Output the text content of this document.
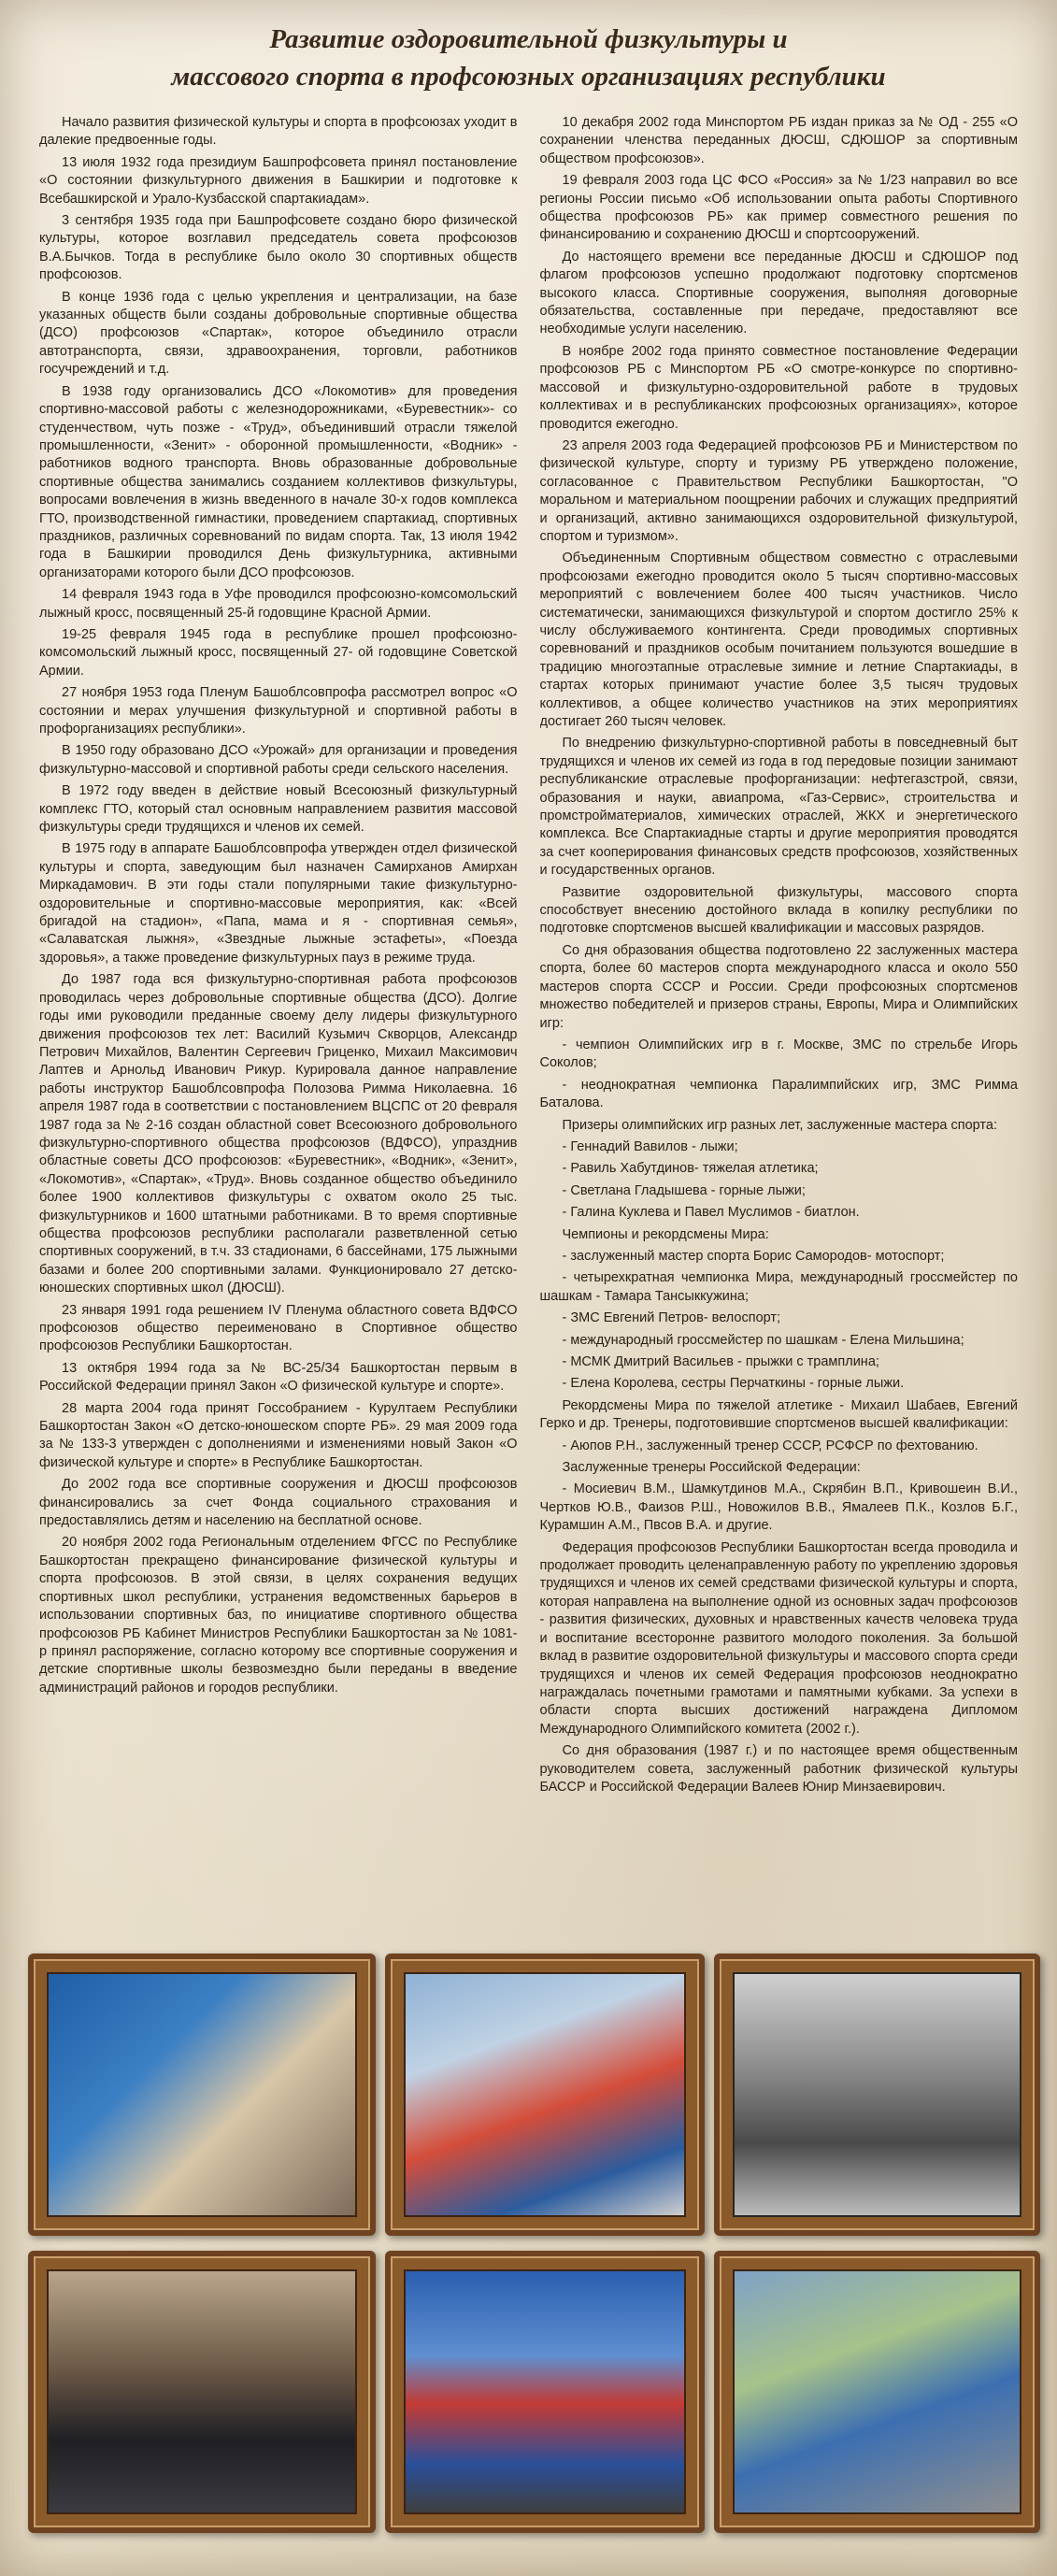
Развитие оздоровительной физкультуры и
массового спорта в профсоюзных организациях республики

Начало развития физической культуры и спорта в профсоюзах уходит в далекие предвоенные годы.

13 июля 1932 года президиум Башпрофсовета принял постановление «О состоянии физкультурного движения в Башкирии и подготовке к Всебашкирской и Урало-Кузбасской спартакиадам».

3 сентября 1935 года при Башпрофсовете создано бюро физической культуры, которое возглавил председатель совета профсоюзов В.А.Бычков. Тогда в республике было около 30 спортивных обществ профсоюзов.

В конце 1936 года с целью укрепления и централизации, на базе указанных обществ были созданы добровольные спортивные общества (ДСО) профсоюзов «Спартак», которое объединило отрасли автотранспорта, связи, здравоохранения, торговли, работников госучреждений и т.д.

В 1938 году организовались ДСО «Локомотив» для проведения спортивно-массовой работы с железнодорожниками, «Буревестник»- со студенчеством, чуть позже - «Труд», объединивший отрасли тяжелой промышленности, «Зенит» - оборонной промышленности, «Водник» - работников водного транспорта. Вновь образованные добровольные спортивные общества занимались созданием коллективов физкультуры, вопросами вовлечения в жизнь введенного в начале 30-х годов комплекса ГТО, производственной гимнастики, проведением спартакиад, спортивных праздников, различных соревнований по видам спорта. Так, 13 июля 1942 года в Башкирии проводился День физкультурника, активными организаторами которого были ДСО профсоюзов.

14 февраля 1943 года в Уфе проводился профсоюзно-комсомольский лыжный кросс, посвященный 25-й годовщине Красной Армии.

19-25 февраля 1945 года в республике прошел профсоюзно-комсомольский лыжный кросс, посвященный 27- ой годовщине Советской Армии.

27 ноября 1953 года Пленум Башоблсовпрофа рассмотрел вопрос «О состоянии и мерах улучшения физкультурной и спортивной работы в профорганизациях республики».

В 1950 году образовано ДСО «Урожай» для организации и проведения физкультурно-массовой и спортивной работы среди сельского населения.

В 1972 году введен в действие новый Всесоюзный физкультурный комплекс ГТО, который стал основным направлением развития массовой физкультуры среди трудящихся и членов их семей.

В 1975 году в аппарате Башоблсовпрофа утвержден отдел физической культуры и спорта, заведующим был назначен Самирханов Амирхан Миркадамович. В эти годы стали популярными такие физкультурно-оздоровительные и спортивно-массовые мероприятия, как: «Всей бригадой на стадион», «Папа, мама и я - спортивная семья», «Салаватская лыжня», «Звездные лыжные эстафеты», «Поезда здоровья», а также проведение физкультурных пауз в режиме труда.

До 1987 года вся физкультурно-спортивная работа профсоюзов проводилась через добровольные спортивные общества (ДСО). Долгие годы ими руководили преданные своему делу лидеры физкультурного движения профсоюзов тех лет: Василий Кузьмич Скворцов, Александр Петрович Михайлов, Валентин Сергеевич Гриценко, Михаил Максимович Лаптев и Арнольд Иванович Рикур. Курировала данное направление работы инструктор Башоблсовпрофа Полозова Римма Николаевна. 16 апреля 1987 года в соответствии с постановлением ВЦСПС от 20 февраля 1987 года за № 2-16 создан областной совет Всесоюзного добровольного физкультурно-спортивного общества профсоюзов (ВДФСО), упразднив областные советы ДСО профсоюзов: «Буревестник», «Водник», «Зенит», «Локомотив», «Спартак», «Труд». Вновь созданное общество объединило более 1900 коллективов физкультуры с охватом около 25 тыс. физкультурников и 1600 штатными работниками. В то время спортивные общества профсоюзов республики располагали разветвленной сетью спортивных сооружений, в т.ч. 33 стадионами, 6 бассейнами, 175 лыжными базами и более 200 спортивными залами. Функционировало 27 детско-юношеских спортивных школ (ДЮСШ).

23 января 1991 года решением IV Пленума областного совета ВДФСО профсоюзов общество переименовано в Спортивное общество профсоюзов Республики Башкортостан.

13 октября 1994 года за № ВС-25/34 Башкортостан первым в Российской Федерации принял Закон «О физической культуре и спорте».

28 марта 2004 года принят Госсобранием - Курултаем Республики Башкортостан Закон «О детско-юношеском спорте РБ». 29 мая 2009 года за № 133-3 утвержден с дополнениями и изменениями новый Закон «О физической культуре и спорте» в Республике Башкортостан.

До 2002 года все спортивные сооружения и ДЮСШ профсоюзов финансировались за счет Фонда социального страхования и предоставлялись детям и населению на бесплатной основе.

20 ноября 2002 года Региональным отделением ФГСС по Республике Башкортостан прекращено финансирование физической культуры и спорта профсоюзов. В этой связи, в целях сохранения ведущих спортивных школ республики, устранения ведомственных барьеров в использовании спортивных баз, по инициативе спортивного общества профсоюзов РБ Кабинет Министров Республики Башкортостан за № 1081-р принял распоряжение, согласно которому все спортивные сооружения и детские спортивные школы безвозмездно были переданы в введение администраций районов и городов республики.

10 декабря 2002 года Минспортом РБ издан приказ за № ОД - 255 «О сохранении членства переданных ДЮСШ, СДЮШОР за спортивным обществом профсоюзов».

19 февраля 2003 года ЦС ФСО «Россия» за № 1/23 направил во все регионы России письмо «Об использовании опыта работы Спортивного общества профсоюзов РБ» как пример совместного решения по финансированию и сохранению ДЮСШ и спортсооружений.

До настоящего времени все переданные ДЮСШ и СДЮШОР под флагом профсоюзов успешно продолжают подготовку спортсменов высокого класса. Спортивные сооружения, выполняя договорные обязательства, составленные при передаче, предоставляют все необходимые услуги населению.

В ноябре 2002 года принято совместное постановление Федерации профсоюзов РБ с Минспортом РБ «О смотре-конкурсе по спортивно-массовой и физкультурно-оздоровительной работе в трудовых коллективах и в республиканских профсоюзных организациях», которое проводится ежегодно.

23 апреля 2003 года Федерацией профсоюзов РБ и Министерством по физической культуре, спорту и туризму РБ утверждено положение, согласованное с Правительством Республики Башкортостан, "О моральном и материальном поощрении рабочих и служащих предприятий и организаций, активно занимающихся оздоровительной физкультурой, спортом и туризмом».

Объединенным Спортивным обществом совместно с отраслевыми профсоюзами ежегодно проводится около 5 тысяч спортивно-массовых мероприятий с вовлечением более 400 тысяч участников. Число систематически, занимающихся физкультурой и спортом достигло 25% к числу обслуживаемого контингента. Среди проводимых спортивных соревнований и праздников особым почитанием пользуются вошедшие в традицию многоэтапные отраслевые зимние и летние Спартакиады, в стартах которых принимают участие более 3,5 тысяч трудовых коллективов, а общее количество участников на этих мероприятиях достигает 260 тысяч человек.

По внедрению физкультурно-спортивной работы в повседневный быт трудящихся и членов их семей из года в год передовые позиции занимают республиканские отраслевые профорганизации: нефтегазстрой, связи, образования и науки, авиапрома, «Газ-Сервис», строительства и промстройматериалов, химических отраслей, ЖКХ и энергетического комплекса. Все Спартакиадные старты и другие мероприятия проводятся за счет кооперирования финансовых средств профсоюзов, хозяйственных и государственных органов.

Развитие оздоровительной физкультуры, массового спорта способствует внесению достойного вклада в копилку республики по подготовке спортсменов высшей квалификации и массовых разрядов.

Со дня образования общества подготовлено 22 заслуженных мастера спорта, более 60 мастеров спорта международного класса и около 550 мастеров спорта СССР и России. Среди профсоюзных спортсменов множество победителей и призеров страны, Европы, Мира и Олимпийских игр:

- чемпион Олимпийских игр в г. Москве, ЗМС по стрельбе Игорь Соколов;

- неоднократная чемпионка Паралимпийских игр, ЗМС Римма Баталова.

Призеры олимпийских игр разных лет, заслуженные мастера спорта:

- Геннадий Вавилов - лыжи;

- Равиль Хабутдинов- тяжелая атлетика;

- Светлана Гладышева - горные лыжи;

- Галина Куклева и Павел Муслимов - биатлон.

Чемпионы и рекордсмены Мира:

- заслуженный мастер спорта Борис Самородов- мотоспорт;

- четырехкратная чемпионка Мира, международный гроссмейстер по шашкам - Тамара Тансыккужина;

- ЗМС Евгений Петров- велоспорт;

- международный гроссмейстер по шашкам - Елена Мильшина;

- МСМК Дмитрий Васильев - прыжки с трамплина;

- Елена Королева, сестры Перчаткины - горные лыжи.

Рекордсмены Мира по тяжелой атлетике - Михаил Шабаев, Евгений Герко и др. Тренеры, подготовившие спортсменов высшей квалификации:

- Аюпов Р.Н., заслуженный тренер СССР, РСФСР по фехтованию.

Заслуженные тренеры Российской Федерации:

- Мосиевич В.М., Шамкутдинов М.А., Скрябин В.П., Кривошеин В.И., Чертков Ю.В., Фаизов Р.Ш., Новожилов В.В., Ямалеев П.К., Козлов Б.Г., Курамшин А.М., Пвсов В.А. и другие.

Федерация профсоюзов Республики Башкортостан всегда проводила и продолжает проводить целенаправленную работу по укреплению здоровья трудящихся и членов их семей средствами физической культуры и спорта, которая направлена на выполнение одной из основных задач профсоюзов - развития физических, духовных и нравственных качеств человека труда и воспитание всесторонне развитого молодого поколения. За большой вклад в развитие оздоровительной физкультуры и массового спорта среди трудящихся и членов их семей Федерация профсоюзов неоднократно награждалась почетными грамотами и памятными кубками. За успехи в области спорта высших достижений награждена Дипломом Международного Олимпийского комитета (2002 г.).

Со дня образования (1987 г.) и по настоящее время общественным руководителем совета, заслуженный работник физической культуры БАССР и Российской Федерации Валеев Юнир Минзаевирович.
